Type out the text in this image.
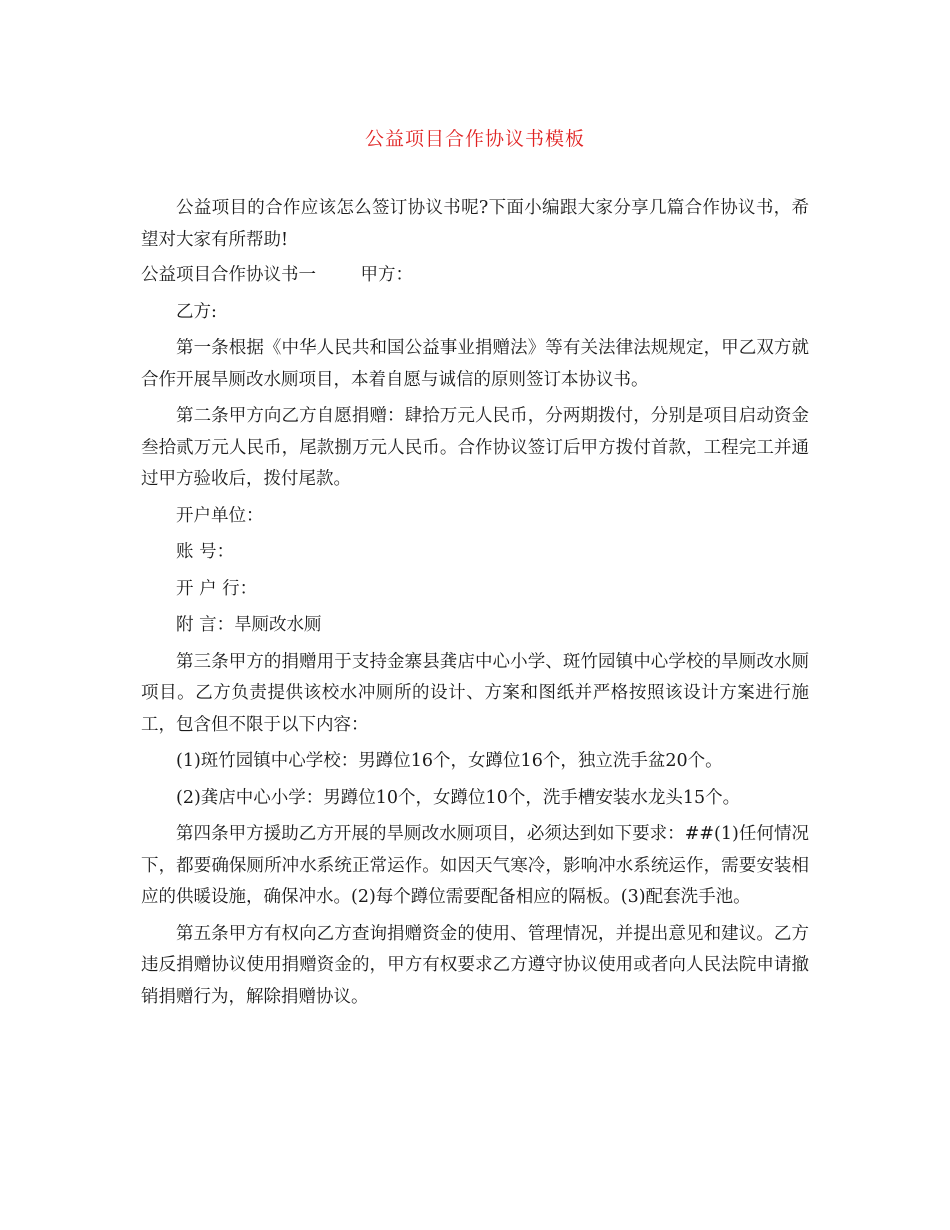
公益项目合作协议书模板

公益项目的合作应该怎么签订协议书呢?下面小编跟大家分享几篇合作协议书，希望对大家有所帮助!

公益项目合作协议书一        甲方：

乙方:

第一条根据《中华人民共和国公益事业捐赠法》等有关法律法规规定，甲乙双方就合作开展旱厕改水厕项目，本着自愿与诚信的原则签订本协议书。

第二条甲方向乙方自愿捐赠：肆拾万元人民币，分两期拨付，分别是项目启动资金叁拾贰万元人民币，尾款捌万元人民币。合作协议签订后甲方拨付首款，工程完工并通过甲方验收后，拨付尾款。

开户单位：

账 号：

开 户 行：

附 言：旱厕改水厕

第三条甲方的捐赠用于支持金寨县龚店中心小学、斑竹园镇中心学校的旱厕改水厕项目。乙方负责提供该校水冲厕所的设计、方案和图纸并严格按照该设计方案进行施工，包含但不限于以下内容：

(1)斑竹园镇中心学校：男蹲位16个，女蹲位16个，独立洗手盆20个。

(2)龚店中心小学：男蹲位10个，女蹲位10个，洗手槽安装水龙头15个。

第四条甲方援助乙方开展的旱厕改水厕项目，必须达到如下要求：##(1)任何情况下，都要确保厕所冲水系统正常运作。如因天气寒冷，影响冲水系统运作，需要安装相应的供暖设施，确保冲水。(2)每个蹲位需要配备相应的隔板。(3)配套洗手池。

第五条甲方有权向乙方查询捐赠资金的使用、管理情况，并提出意见和建议。乙方违反捐赠协议使用捐赠资金的，甲方有权要求乙方遵守协议使用或者向人民法院申请撤销捐赠行为，解除捐赠协议。
